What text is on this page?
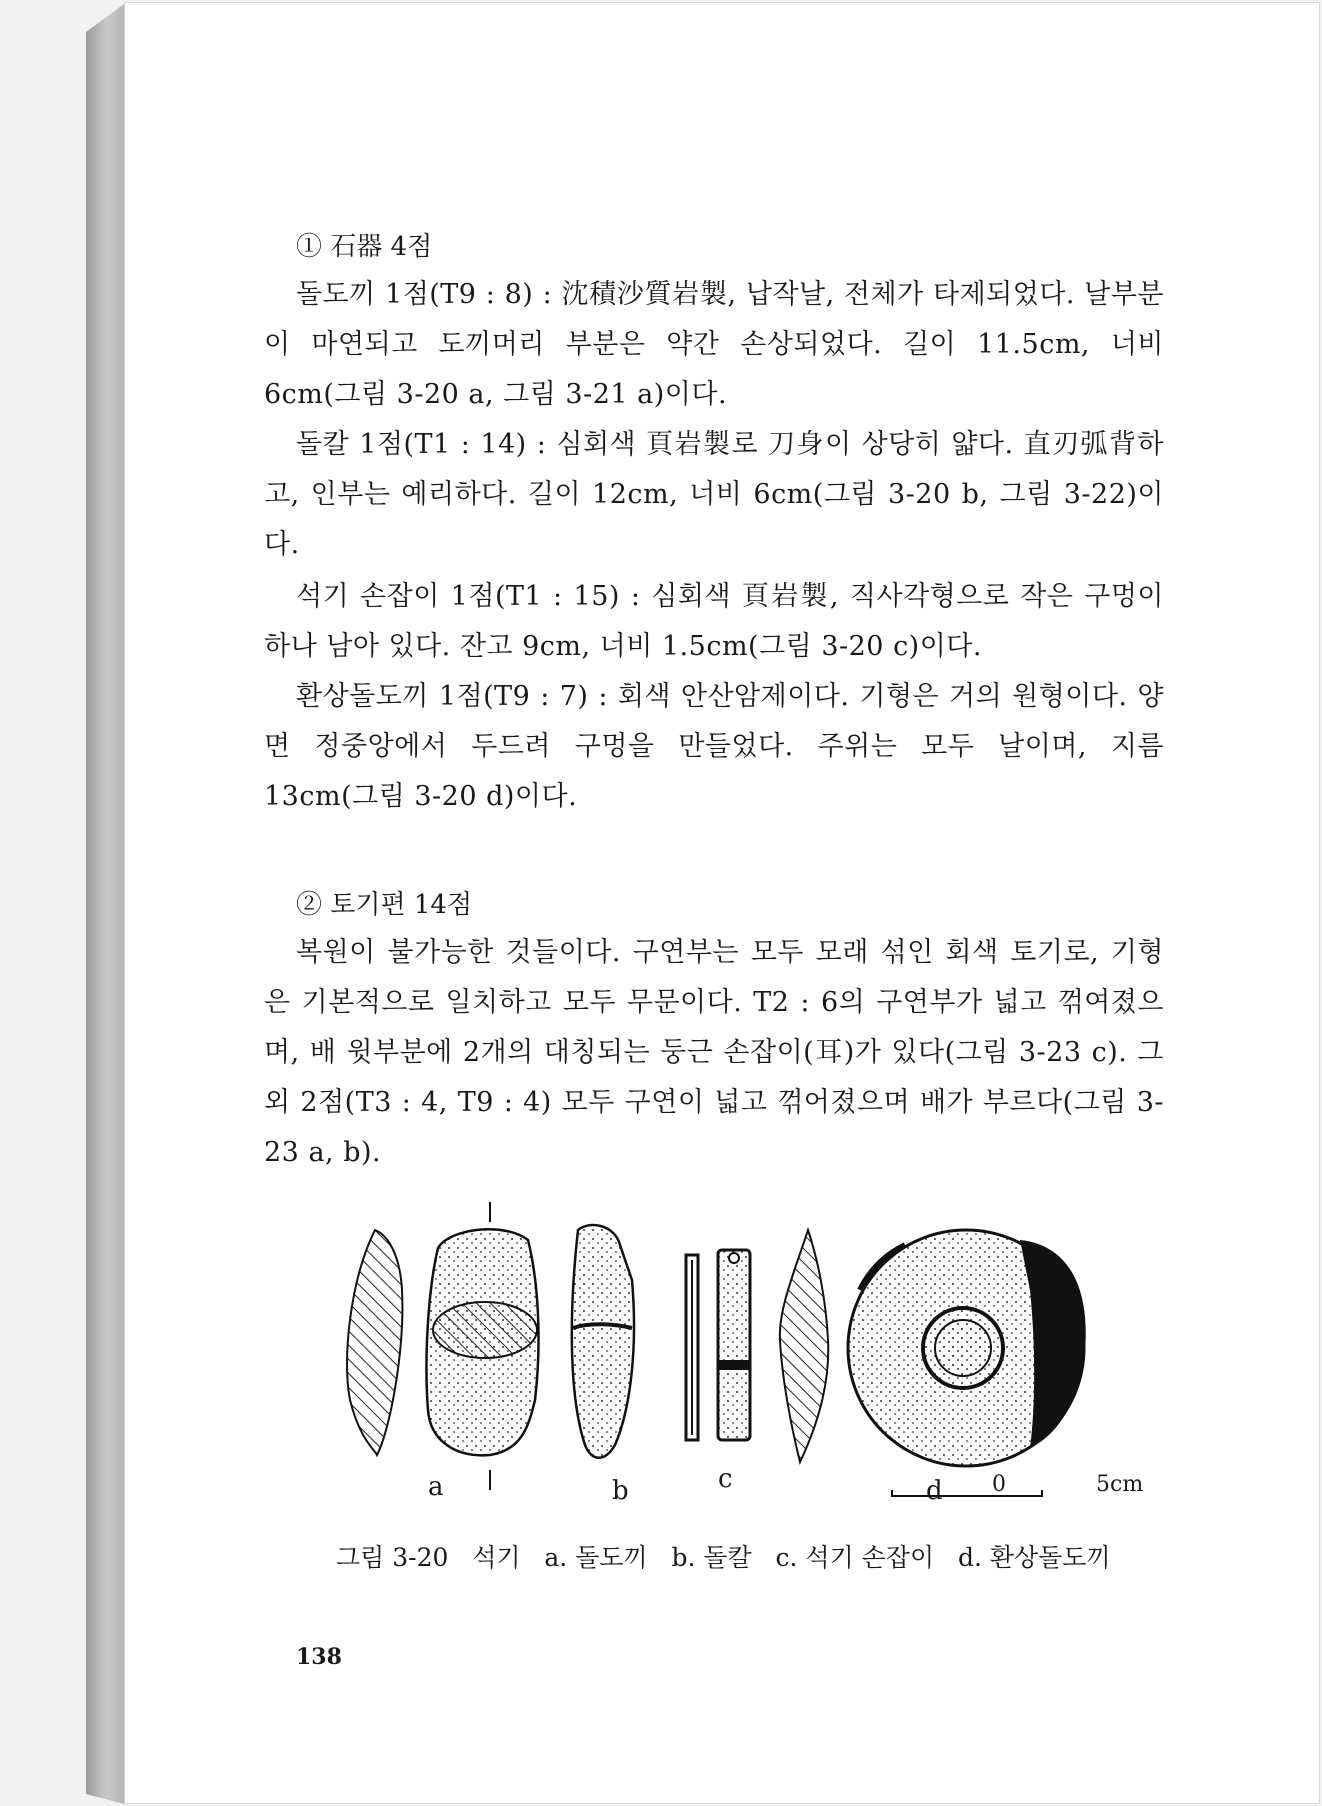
① 石器 4점
돌도끼 1점(T9 : 8) : 沈積沙質岩製, 납작날, 전체가 타제되었다. 날부분이 마연되고 도끼머리 부분은 약간 손상되었다. 길이 11.5cm, 너비 6cm(그림 3-20 a, 그림 3-21 a)이다.
돌칼 1점(T1 : 14) : 심회색 頁岩製로 刀身이 상당히 얇다. 直刃弧背하고, 인부는 예리하다. 길이 12cm, 너비 6cm(그림 3-20 b, 그림 3-22)이다.
석기 손잡이 1점(T1 : 15) : 심회색 頁岩製, 직사각형으로 작은 구멍이 하나 남아 있다. 잔고 9cm, 너비 1.5cm(그림 3-20 c)이다.
환상돌도끼 1점(T9 : 7) : 회색 안산암제이다. 기형은 거의 원형이다. 양면 정중앙에서 두드려 구멍을 만들었다. 주위는 모두 날이며, 지름 13cm(그림 3-20 d)이다.
② 토기편 14점
복원이 불가능한 것들이다. 구연부는 모두 모래 섞인 회색 토기로, 기형은 기본적으로 일치하고 모두 무문이다. T2 : 6의 구연부가 넓고 꺾여졌으며, 배 윗부분에 2개의 대칭되는 둥근 손잡이(耳)가 있다(그림 3-23 c). 그 외 2점(T3 : 4, T9 : 4) 모두 구연이 넓고 꺾어졌으며 배가 부르다(그림 3-23 a, b).
a	b	c	d 0	5cm
그림 3-20   석기   a. 돌도끼   b. 돌칼   c. 석기 손잡이   d. 환상돌도끼
138
